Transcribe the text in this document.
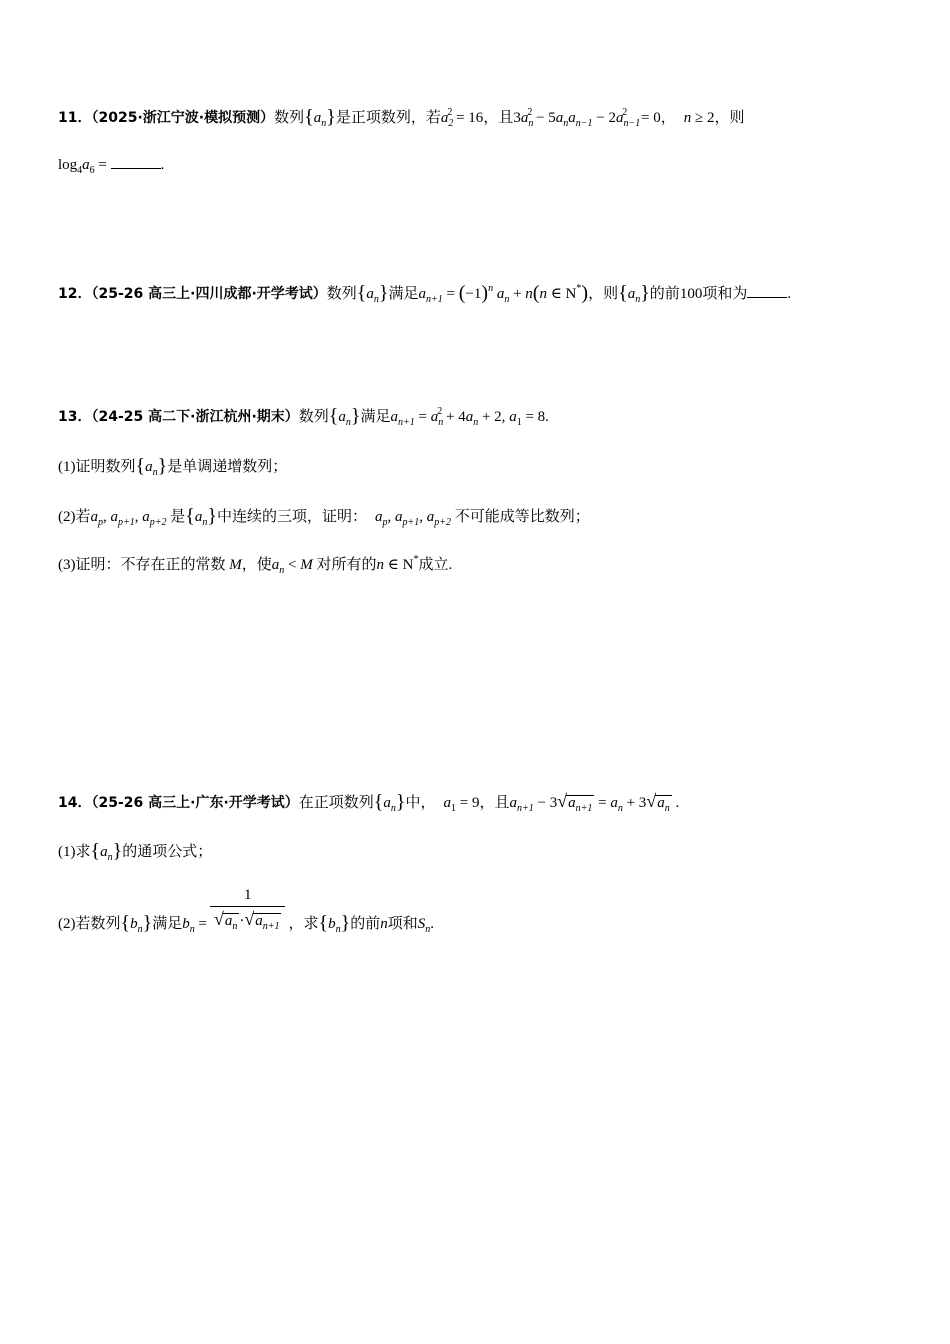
11．（2025·浙江宁波·模拟预测）数列$\{a_n\}$是正项数列，若$a_2^2 = 16$，且$3a_n^2 - 5a_na_{n-1} - 2a_{n-1}^2 = 0$， n ≥ 2，则
$\log_4a_6$ =	.
12．（25-26 高三上·四川成都·开学考试）数列$\{a_n\}$满足$a_{n+1} = (-1)^n$ $a_n + n(n$ ∈ N*)，则$\{a_n\}$的前100项和为	.
13．（24-25 高二下·浙江杭州·期末）数列$\{a_n\}$满足$a_{n+1} = a_n^2 + 4a_n + 2$, $a_1 = 8$.
(1)证明数列$\{a_n\}$是单调递增数列；
(2)若$a_p$, $a_{p+1}$, $a_{p+2}$ 是$\{a_n\}$中连续的三项，证明： $a_p$, $a_{p+1}$, $a_{p+2}$ 不可能成等比数列；
(3)证明：不存在正的常数 M，使$a_n < M$ 对所有的n ∈ N*成立.
14．（25-26 高三上·广东·开学考试）在正项数列$\{a_n\}$中， $a_1 = 9$，且$a_{n+1} - 3√a_{n+1} = a_n + 3√a_n$ .
(1)求$\{a_n\}$的通项公式；
(2)若数列$\{b_n\}$满足$b_n = \frac{1}{√a_n \cdot√a_{n+1}}$ ，求$\{b_n\}$的前n项和$S_n$.
